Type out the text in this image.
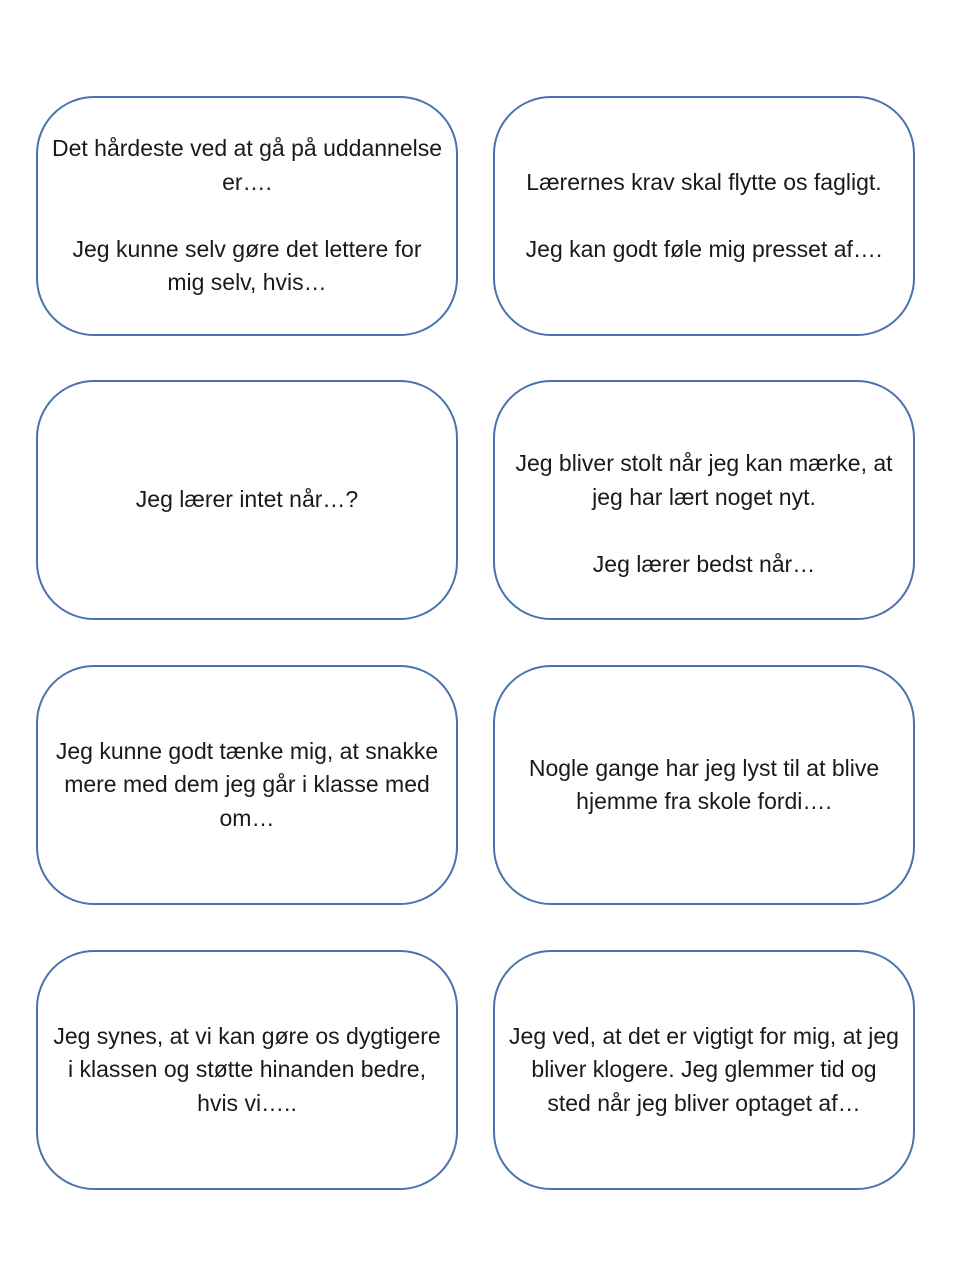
Det hårdeste ved at gå på uddannelse er….

Jeg kunne selv gøre det lettere for mig selv, hvis…

Lærernes krav skal flytte os fagligt.

Jeg kan godt føle mig presset af….

Jeg lærer intet når…?

Jeg bliver stolt når jeg kan mærke, at jeg har lært noget nyt.

Jeg lærer bedst når…

Jeg kunne godt tænke mig, at snakke mere med dem jeg går i klasse med om…

Nogle gange har jeg lyst til at blive hjemme fra skole fordi….

Jeg synes, at vi kan gøre os dygtigere i klassen og støtte hinanden bedre, hvis vi…..

Jeg ved, at det er vigtigt for mig, at jeg bliver klogere. Jeg glemmer tid og sted når jeg bliver optaget af…
